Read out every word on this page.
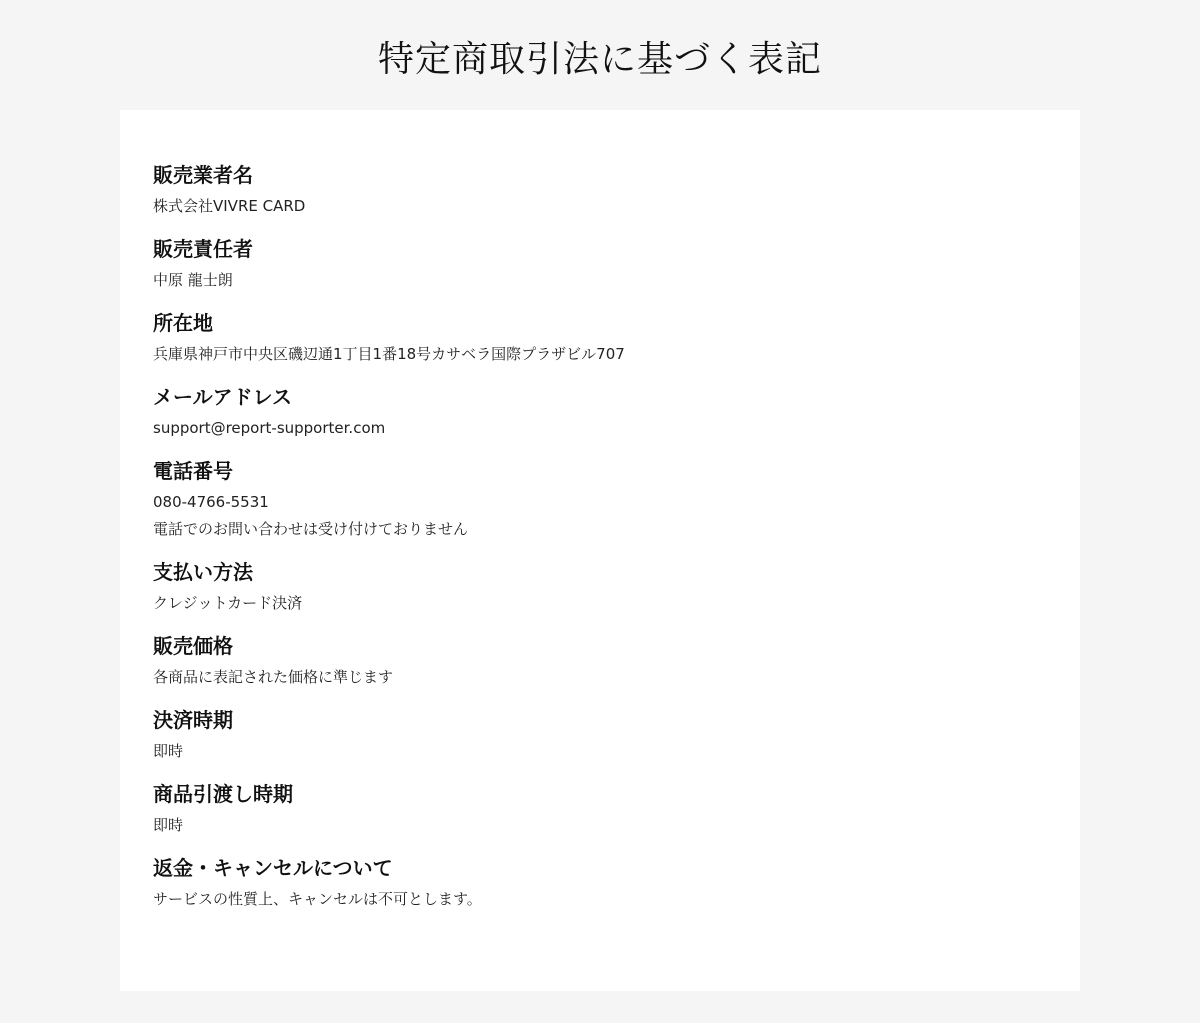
特定商取引法に基づく表記
販売業者名
株式会社VIVRE CARD
販売責任者
中原 龍士朗
所在地
兵庫県神戸市中央区磯辺通1丁目1番18号カサベラ国際プラザビル707
メールアドレス
support@report-supporter.com
電話番号
080-4766-5531
電話でのお問い合わせは受け付けておりません
支払い方法
クレジットカード決済
販売価格
各商品に表記された価格に準じます
決済時期
即時
商品引渡し時期
即時
返金・キャンセルについて
サービスの性質上、キャンセルは不可とします。
